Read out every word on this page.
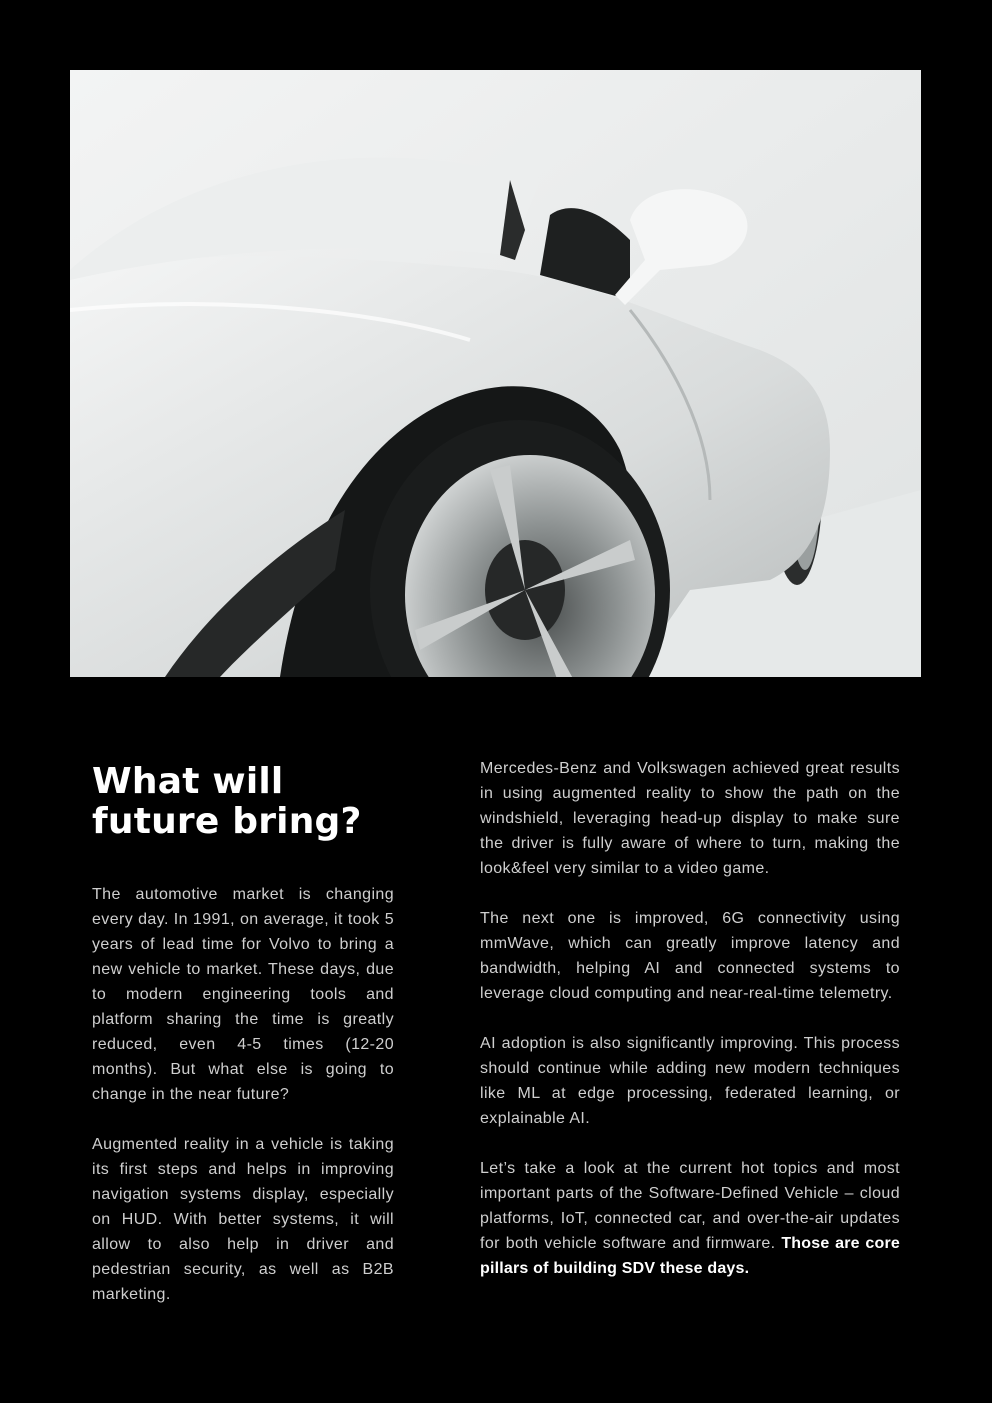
What will
future bring?

The automotive market is changing every day. In 1991, on average, it took 5 years of lead time for Volvo to bring a new vehicle to market. These days, due to modern engineering tools and platform sharing the time is greatly reduced, even 4-5 times (12-20 months). But what else is going to change in the near future?

Augmented reality in a vehicle is taking its first steps and helps in improving navigation systems display, especially on HUD. With better systems, it will allow to also help in driver and pedestrian security, as well as B2B marketing.

Mercedes-Benz and Volkswagen achieved great results in using augmented reality to show the path on the windshield, leveraging head-up display to make sure the driver is fully aware of where to turn, making the look&feel very similar to a video game.

The next one is improved, 6G connectivity using mmWave, which can greatly improve latency and bandwidth, helping AI and connected systems to leverage cloud computing and near-real-time telemetry.

AI adoption is also significantly improving. This process should continue while adding new modern techniques like ML at edge processing, federated learning, or explainable AI.

Let’s take a look at the current hot topics and most important parts of the Software-Defined Vehicle – cloud platforms, IoT, connected car, and over-the-air updates for both vehicle software and firmware. Those are core pillars of building SDV these days.
